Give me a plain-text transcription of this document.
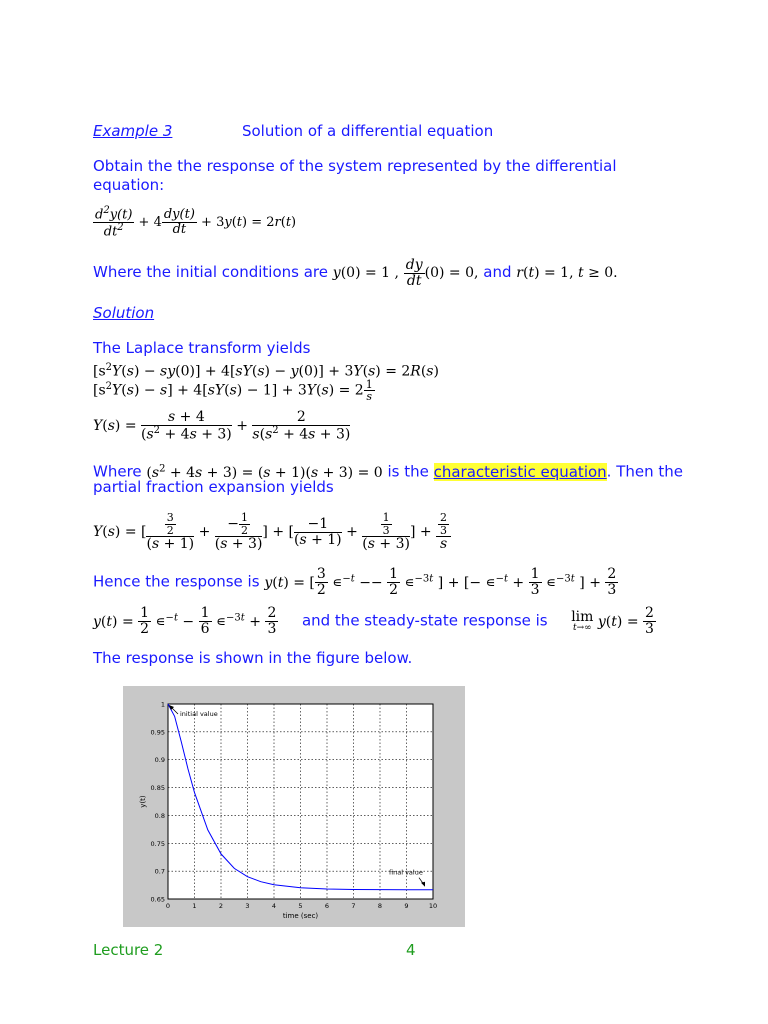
Example 3	Solution of a differential equation
Obtain the the response of the system represented by the differential
equation:
$\frac{d^2y(t)}{dt^2} + 4 \frac{dy(t)}{dt} + 3y(t) = 2r(t)$
Where the initial conditions are y(0) = 1 , $\frac{dy}{dt} (0) = 0$, and r(t) = 1, t ≥ 0.
Solution
The Laplace transform yields
$[s^2Y(s) - sy(0)] + 4[sY(s) - y(0)] + 3Y(s) = 2R(s)$
$[s^2Y(s) - s] + 4[sY(s) - 1] + 3Y(s) = 2 \frac{1}{s}$
$Y(s) = \frac{s + 4}{(s^2 + 4s + 3)} + \frac{2}{s(s^2 + 4s + 3)}$
Where $(s^2 + 4s + 3) = (s + 1)(s + 3) = 0$ is the characteristic equation. Then the
partial fraction expansion yields
Y(s) = [ $\frac{\frac{3}{2}}{(s + 1)} + \frac{- \frac{1}{2}}{(s + 3)}$ ] + [ $\frac{-1}{(s + 1)} + \frac{\frac{1}{3}}{(s + 3)}$ ] + $\frac{\frac{2}{3}}{s}$
Hence the response is y(t) = [ $\frac{3}{2}$ ∊$^{-t}$ −− $\frac{1}{2}$ ∊$^{-3t}$ ] + [− ∊$^{-t}$ + $\frac{1}{3}$ ∊$^{-3t}$ ] + $\frac{2}{3}$
$y(t) = \frac{1}{2}$ ∊$^{-t}$ − $\frac{1}{6}$ ∊$^{-3t}$ + $\frac{2}{3}$ and the steady-state response is lim
t→∞ $y(t) = \frac{2}{3}$
The response is shown in the figure below.
0	1	2	3	4	5	6	7	8	9	10
0.65
0.7
0.75
0.8
0.85
0.9
0.95
1
time (sec)
y(t)
initial value
final value
Lecture 2	4
